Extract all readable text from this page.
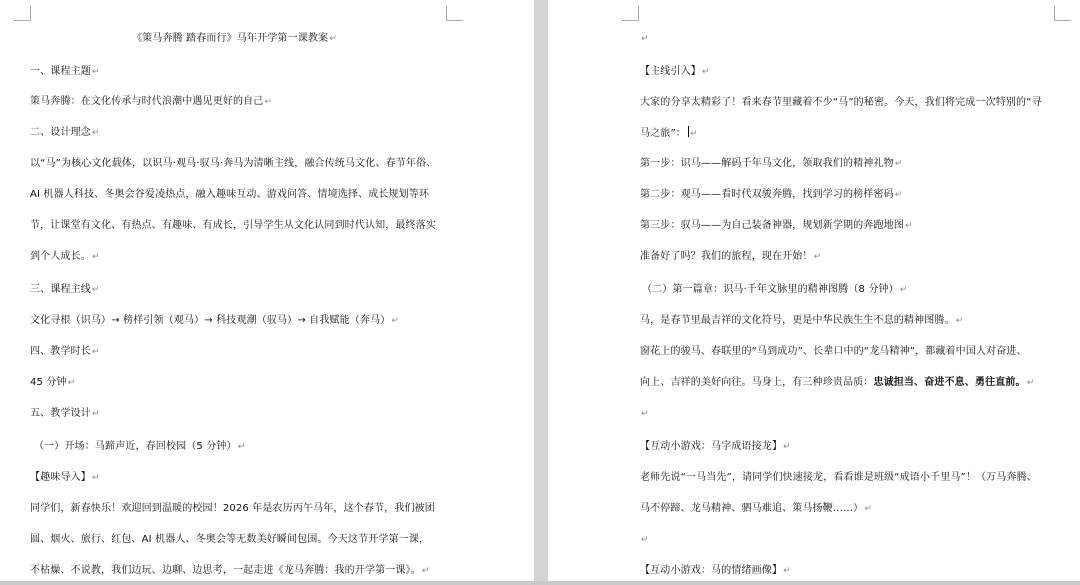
《策马奔腾 踏春而行》马年开学第一课教案↵
一、课程主题↵
策马奔腾：在文化传承与时代浪潮中遇见更好的自己↵
二、设计理念↵
以“马”为核心文化载体，以识马·观马·驭马·奔马为清晰主线，融合传统马文化、春节年俗、
AI 机器人科技、冬奥会谷爱凌热点，融入趣味互动、游戏问答、情境选择、成长规划等环
节，让课堂有文化、有热点、有趣味、有成长，引导学生从文化认同到时代认知，最终落实
到个人成长。↵
三、课程主线↵
文化寻根（识马）→ 榜样引领（观马）→ 科技观潮（驭马）→ 自我赋能（奔马）↵
四、教学时长↵
45 分钟↵
五、教学设计↵
（一）开场：马蹄声近，春回校园（5 分钟）↵
【趣味导入】↵
同学们，新春快乐！欢迎回到温暖的校园！2026 年是农历丙午马年，这个春节，我们被团
圆、烟火、旅行、红包、AI 机器人、冬奥会等无数美好瞬间包围。今天这节开学第一课，
不枯燥、不说教，我们边玩、边聊、边思考，一起走进《龙马奔腾：我的开学第一课》。↵
↵
【主线引入】↵
大家的分享太精彩了！看来春节里藏着不少“马”的秘密。今天，我们将完成一次特别的“寻
马之旅”： ↵
第一步：识马——解码千年马文化，领取我们的精神礼物↵
第二步：观马——看时代双骏奔腾，找到学习的榜样密码↵
第三步：驭马——为自己装备神器，规划新学期的奔跑地图↵
准备好了吗？我们的旅程，现在开始！↵
（二）第一篇章：识马·千年文脉里的精神图腾（8 分钟）↵
马，是春节里最吉祥的文化符号，更是中华民族生生不息的精神图腾。↵
窗花上的骏马、春联里的“马到成功”、长辈口中的“龙马精神”，都藏着中国人对奋进、
向上、吉祥的美好向往。马身上，有三种珍贵品质：忠诚担当、奋进不息、勇往直前。↵
↵
【互动小游戏：马字成语接龙】↵
老师先说“一马当先”，请同学们快速接龙，看看谁是班级“成语小千里马”！（万马奔腾、
马不停蹄、龙马精神、驷马难追、策马扬鞭……）↵
↵
【互动小游戏：马的情绪画像】↵
